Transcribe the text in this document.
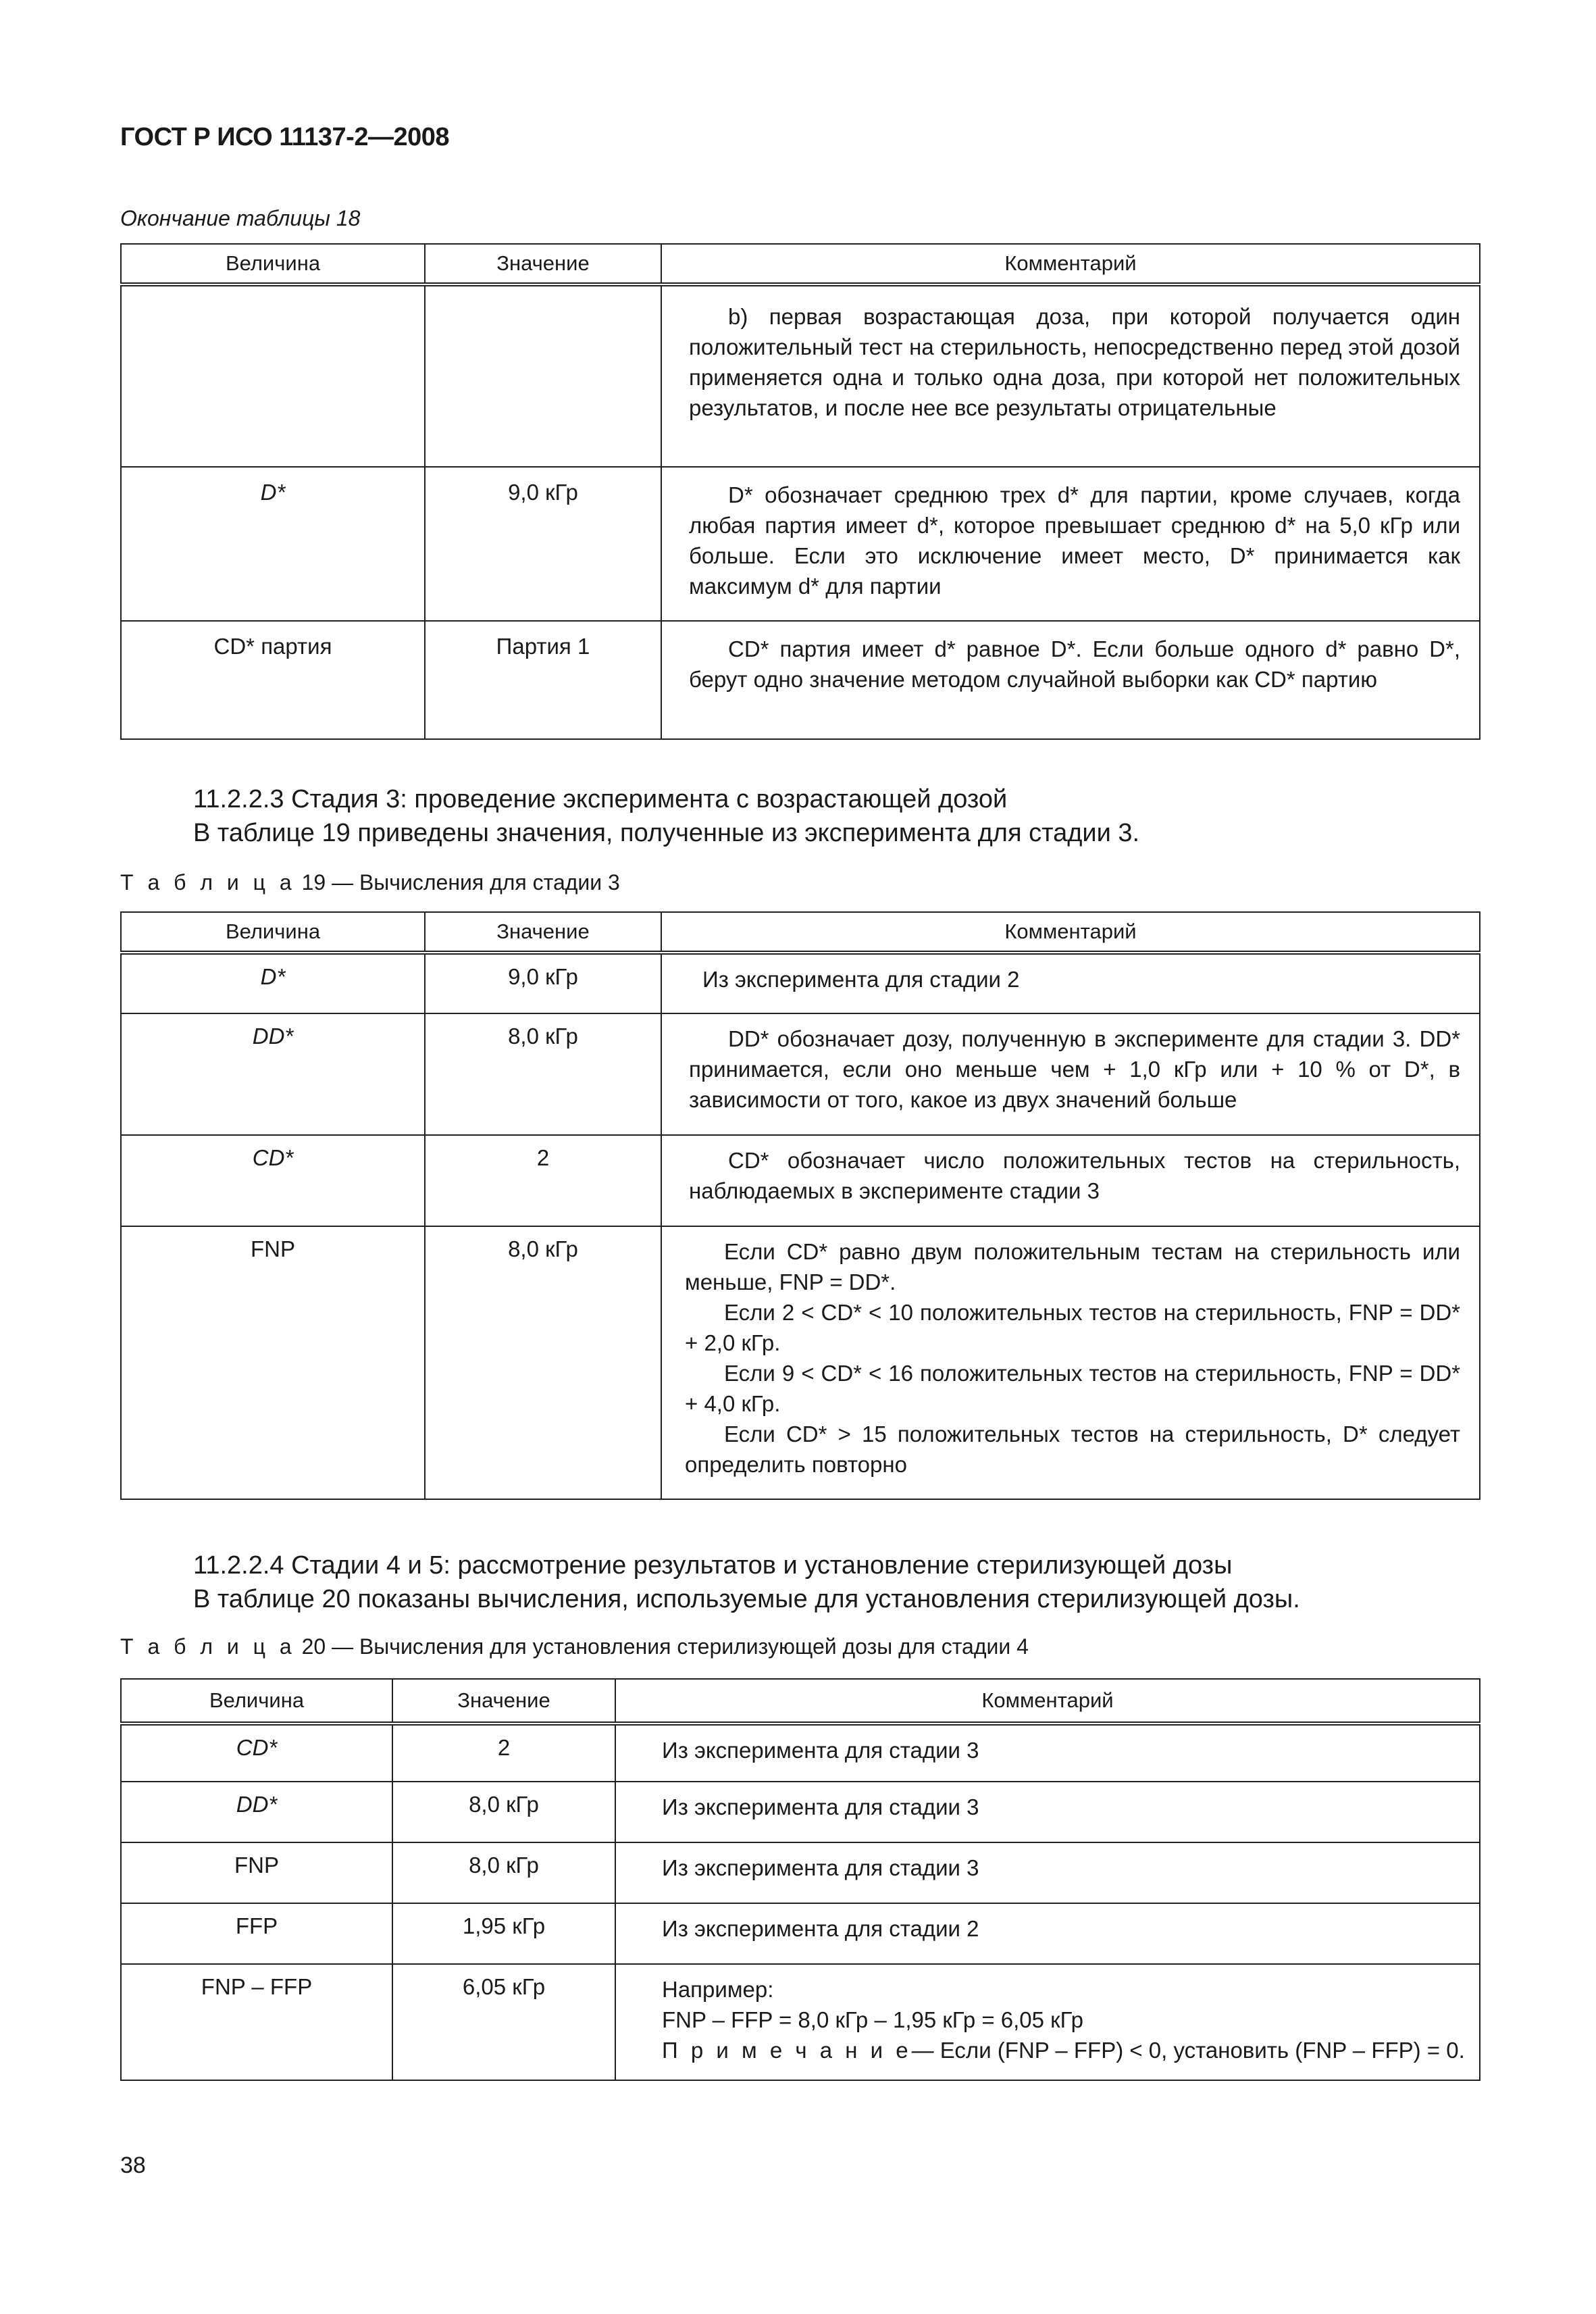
ГОСТ Р ИСО 11137-2—2008
Окончание таблицы 18
Величина	Значение	Комментарий

		b) первая возрастающая доза, при которой получается один положительный тест на стерильность, непосредственно перед этой дозой применяется одна и только одна доза, при которой нет положительных результатов, и после нее все результаты отрицательные

D*	9,0 кГр	D* обозначает среднюю трех d* для партии, кроме случаев, когда любая партия имеет d*, которое превышает среднюю d* на 5,0 кГр или больше. Если это исключение имеет место, D* принимается как максимум d* для партии

CD* партия	Партия 1	CD* партия имеет d* равное D*. Если больше одного d* равно D*, берут одно значение методом случайной выборки как CD* партию

11.2.2.3 Стадия 3: проведение эксперимента с возрастающей дозой
В таблице 19 приведены значения, полученные из эксперимента для стадии 3.
Т а б л и ц а 19 — Вычисления для стадии 3
Величина	Значение	Комментарий
D*	9,0 кГр	Из эксперимента для стадии 2
DD*	8,0 кГр	DD* обозначает дозу, полученную в эксперименте для стадии 3. DD* принимается, если оно меньше чем + 1,0 кГр или + 10 % от D*, в зависимости от того, какое из двух значений больше

CD*	2	CD* обозначает число положительных тестов на стерильность, наблюдаемых в эксперименте стадии 3

FNP	8,0 кГр	Если CD* равно двум положительным тестам на стерильность или меньше, FNP = DD*.

Если 2 < CD* < 10 положительных тестов на стерильность, FNP = DD* + 2,0 кГр.

Если 9 < CD* < 16 положительных тестов на стерильность, FNP = DD* + 4,0 кГр.

Если CD* > 15 положительных тестов на стерильность, D* следует определить повторно

11.2.2.4 Стадии 4 и 5: рассмотрение результатов и установление стерилизующей дозы
В таблице 20 показаны вычисления, используемые для установления стерилизующей дозы.
Т а б л и ц а 20 — Вычисления для установления стерилизующей дозы для стадии 4
Величина	Значение	Комментарий
CD*	2	Из эксперимента для стадии 3
DD*	8,0 кГр	Из эксперимента для стадии 3
FNP	8,0 кГр	Из эксперимента для стадии 3
FFP	1,95 кГр	Из эксперимента для стадии 2
FNP – FFP	6,05 кГр	Например:

FNP – FFP = 8,0 кГр – 1,95 кГр = 6,05 кГр

П р и м е ч а н и е— Если (FNP – FFP) < 0, установить (FNP – FFP) = 0.

38
